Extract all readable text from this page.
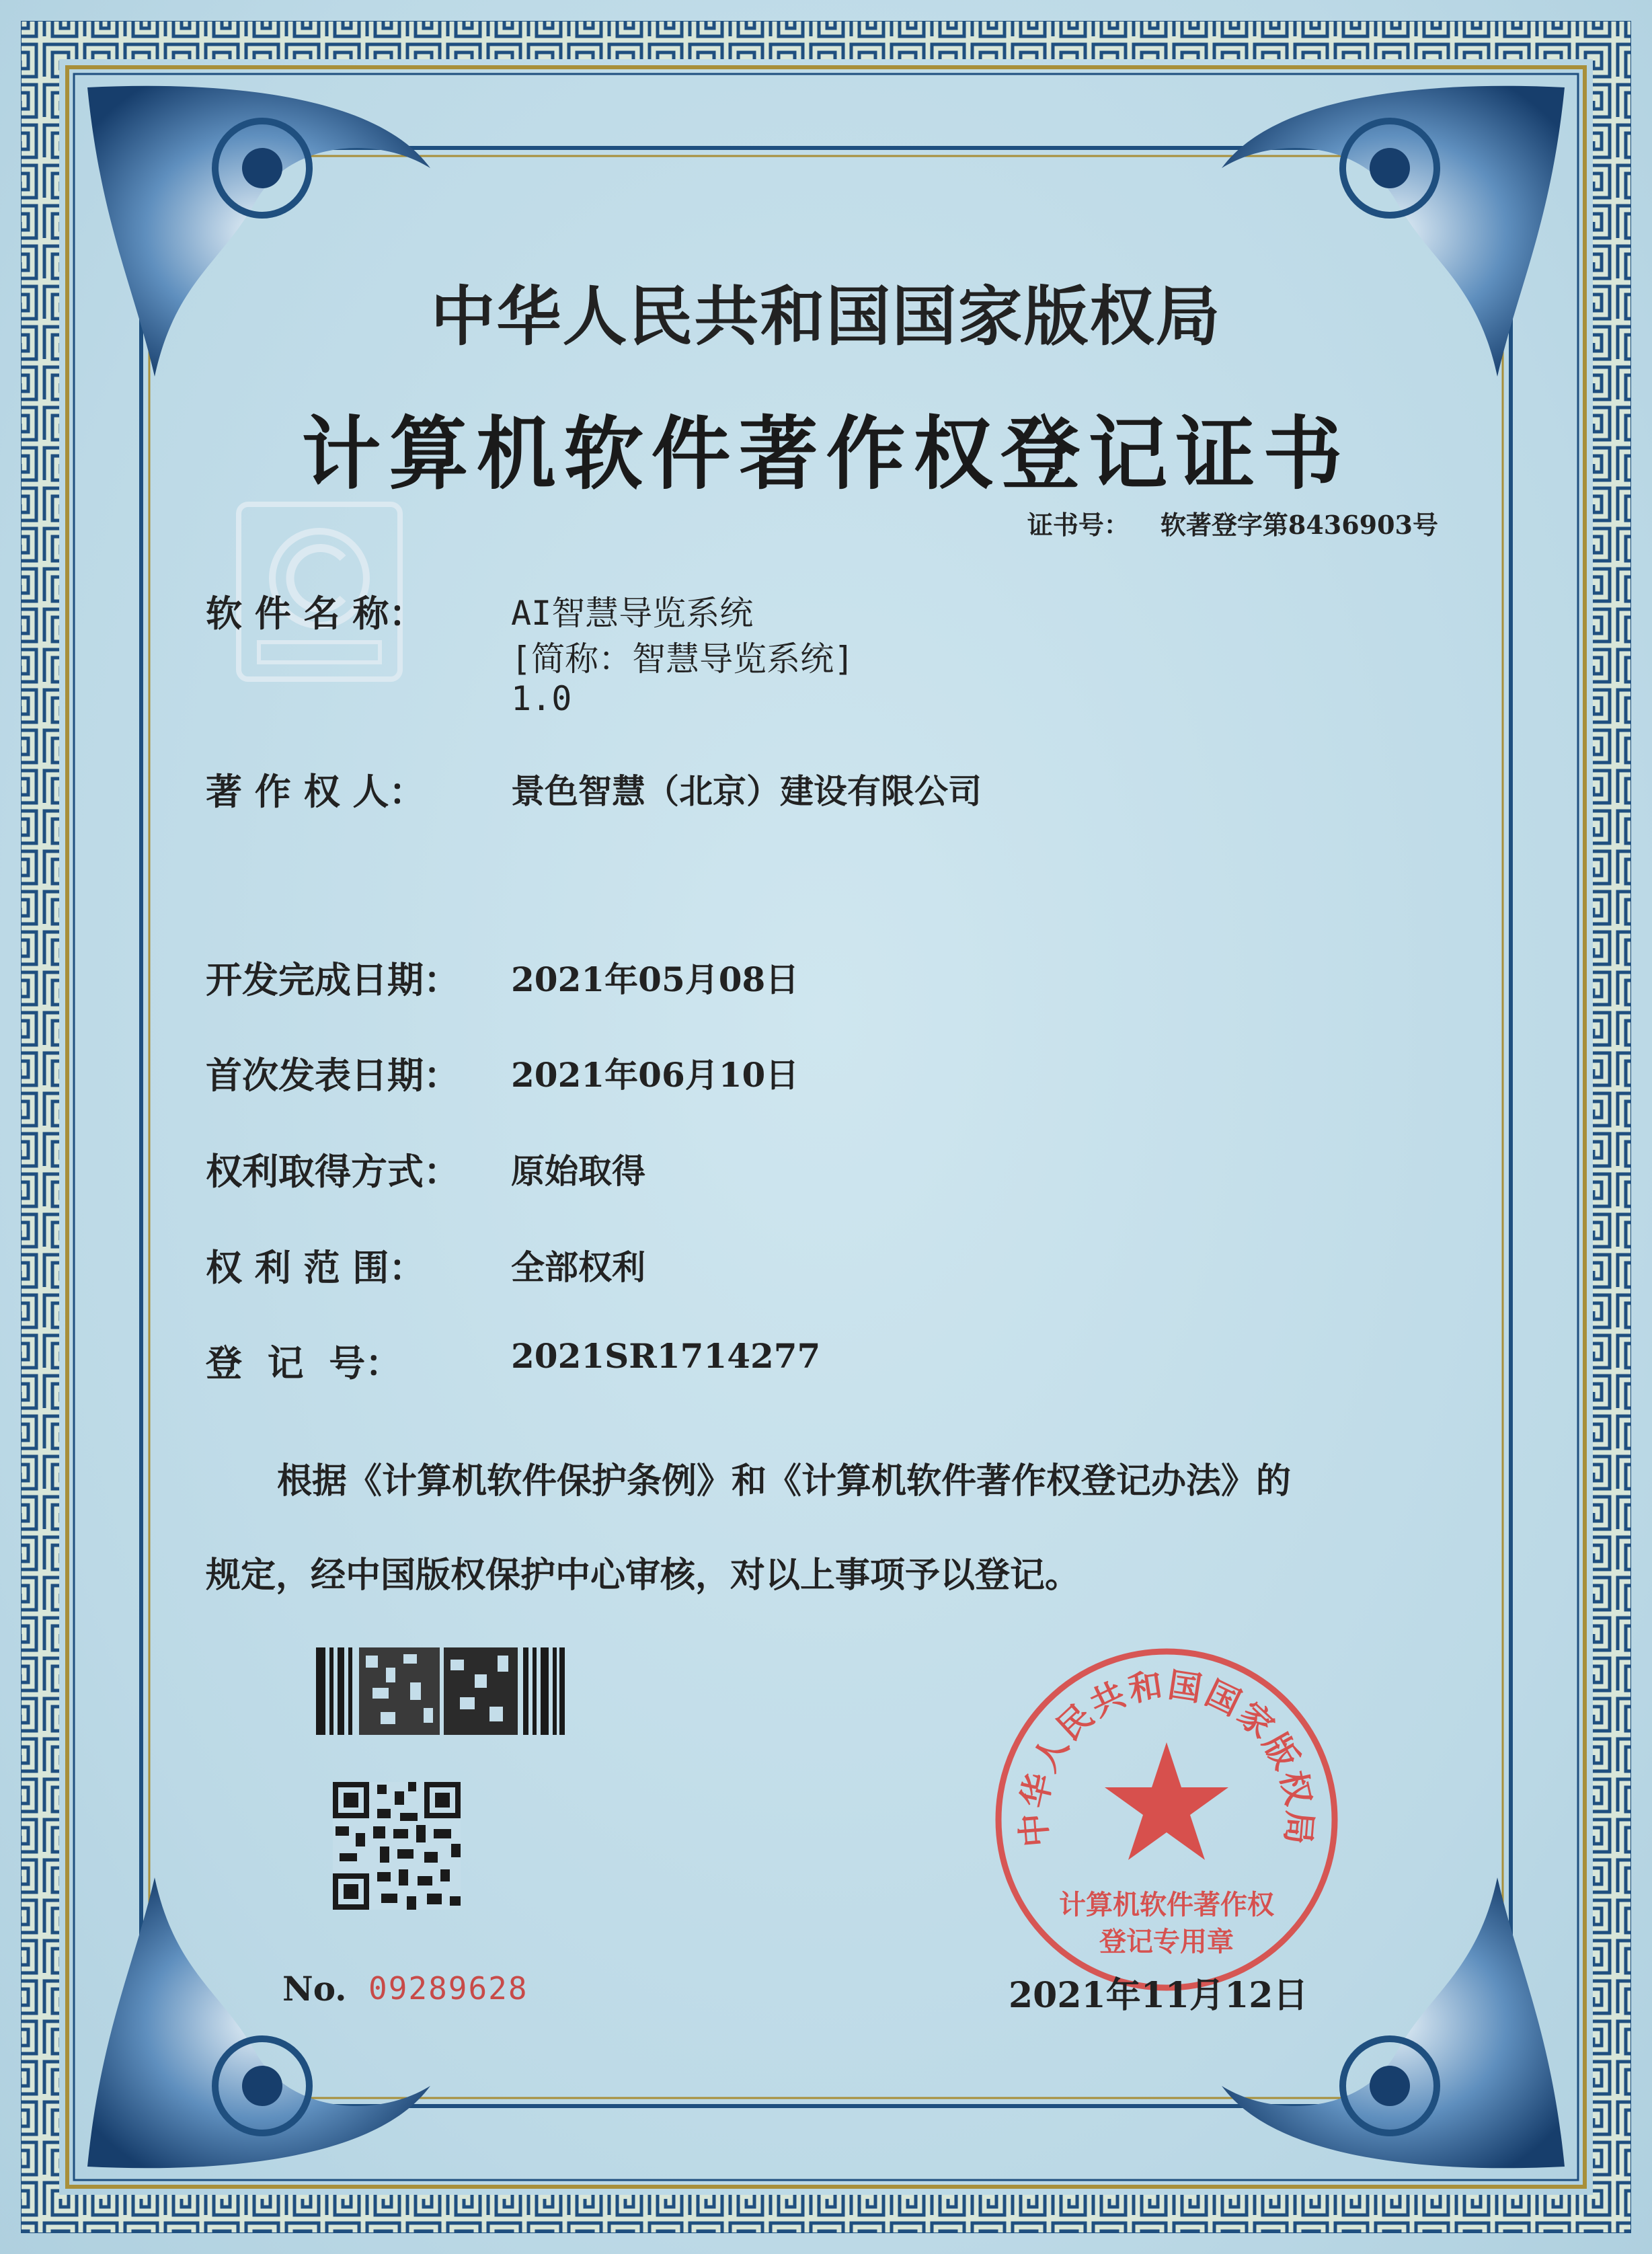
中华人民共和国国家版权局
计算机软件著作权登记证书
证书号： 软著登字第8436903号
软 件 名 称：	AI智慧导览系统
[简称：智慧导览系统]
1.0
著 作 权 人：	景色智慧（北京）建设有限公司
开发完成日期： 2021年05月08日
首次发表日期： 2021年06月10日
权利取得方式： 原始取得
权 利 范 围：	全部权利
登  记  号：	2021SR1714277
根据《计算机软件保护条例》和《计算机软件著作权登记办法》的
规定，经中国版权保护中心审核，对以上事项予以登记。
中华人民共和国国家版权局
计算机软件著作权
登记专用章
No. 09289628	2021年11月12日
